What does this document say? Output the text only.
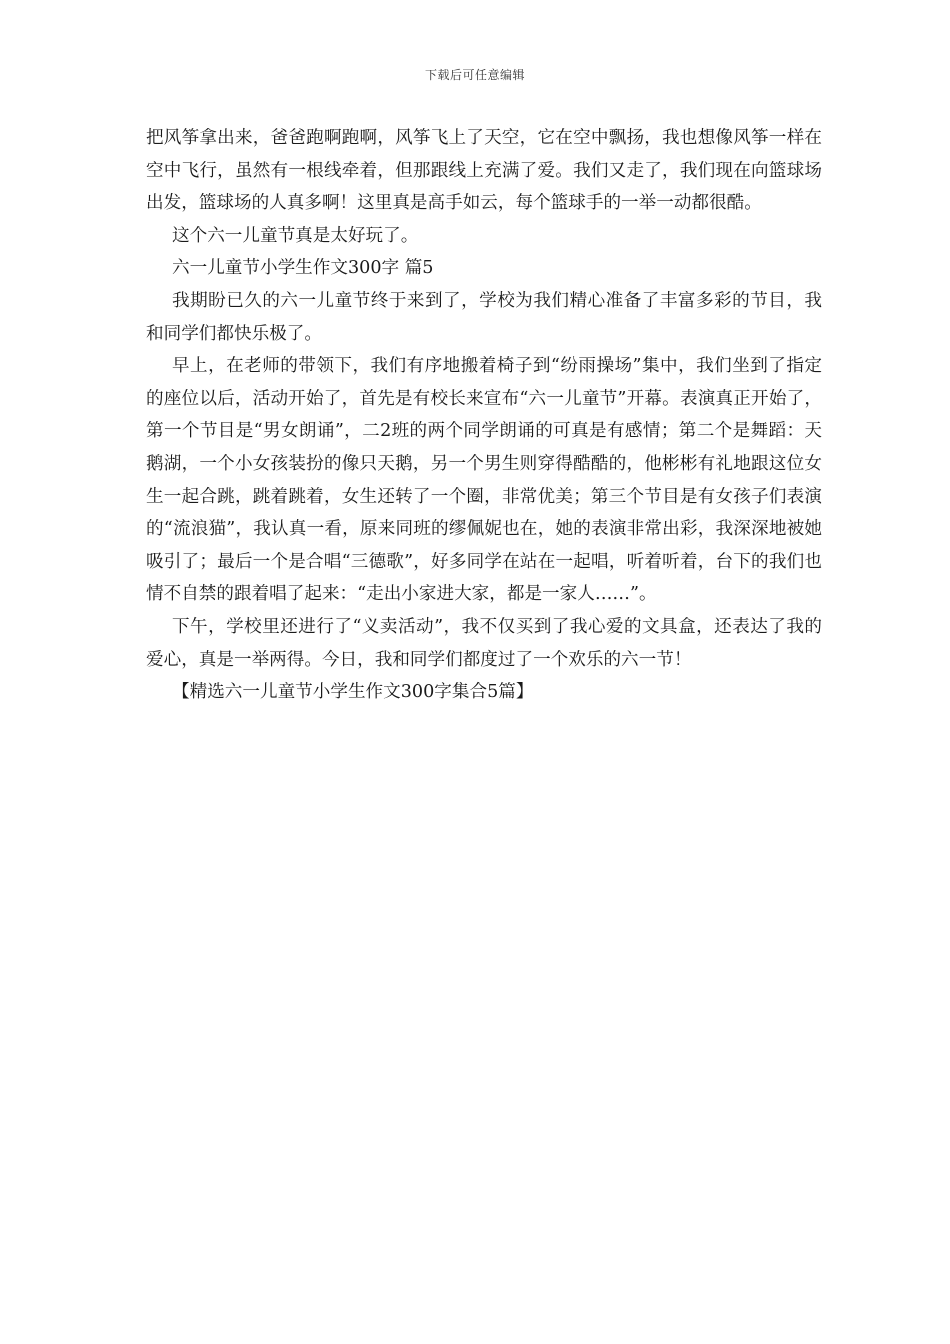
下载后可任意编辑

把风筝拿出来，爸爸跑啊跑啊，风筝飞上了天空，它在空中飘扬，我也想像风筝一样在空中飞行，虽然有一根线牵着，但那跟线上充满了爱。我们又走了，我们现在向篮球场出发，篮球场的人真多啊！这里真是高手如云，每个篮球手的一举一动都很酷。

这个六一儿童节真是太好玩了。

六一儿童节小学生作文300字 篇5

我期盼已久的六一儿童节终于来到了，学校为我们精心准备了丰富多彩的节目，我和同学们都快乐极了。

早上，在老师的带领下，我们有序地搬着椅子到“纷雨操场”集中，我们坐到了指定的座位以后，活动开始了，首先是有校长来宣布“六一儿童节”开幕。表演真正开始了，第一个节目是“男女朗诵”，二2班的两个同学朗诵的可真是有感情；第二个是舞蹈：天鹅湖，一个小女孩装扮的像只天鹅，另一个男生则穿得酷酷的，他彬彬有礼地跟这位女生一起合跳，跳着跳着，女生还转了一个圈，非常优美；第三个节目是有女孩子们表演的“流浪猫”，我认真一看，原来同班的缪佩妮也在，她的表演非常出彩，我深深地被她吸引了；最后一个是合唱“三德歌”，好多同学在站在一起唱，听着听着，台下的我们也情不自禁的跟着唱了起来：“走出小家进大家，都是一家人……”。

下午，学校里还进行了“义卖活动”，我不仅买到了我心爱的文具盒，还表达了我的爱心，真是一举两得。今日，我和同学们都度过了一个欢乐的六一节！

【精选六一儿童节小学生作文300字集合5篇】
